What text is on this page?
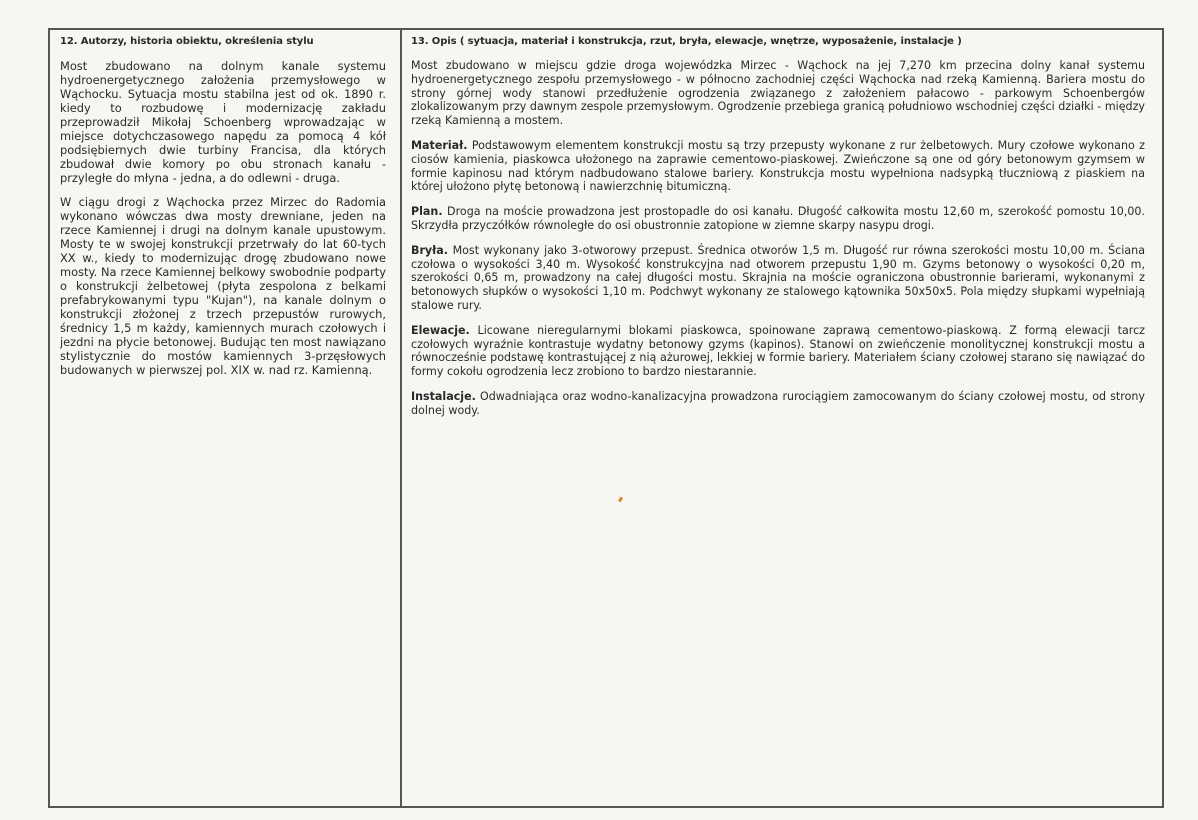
12. Autorzy, historia obiektu, określenia stylu

Most zbudowano na dolnym kanale systemu hydroenergetycznego założenia przemysłowego w Wąchocku. Sytuacja mostu stabilna jest od ok. 1890 r. kiedy to rozbudowę i modernizację zakładu przeprowadził Mikołaj Schoenberg wprowadzając w miejsce dotychczasowego napędu za pomocą 4 kół podsiębiernych dwie turbiny Francisa, dla których zbudował dwie komory po obu stronach kanału - przyległe do młyna - jedna, a do odlewni - druga.

W ciągu drogi z Wąchocka przez Mirzec do Radomia wykonano wówczas dwa mosty drewniane, jeden na rzece Kamiennej i drugi na dolnym kanale upustowym. Mosty te w swojej konstrukcji przetrwały do lat 60-tych XX w., kiedy to modernizując drogę zbudowano nowe mosty. Na rzece Kamiennej belkowy swobodnie podparty o konstrukcji żelbetowej (płyta zespolona z belkami prefabrykowanymi typu "Kujan"), na kanale dolnym o konstrukcji złożonej z trzech przepustów rurowych, średnicy 1,5 m każdy, kamiennych murach czołowych i jezdni na płycie betonowej. Budując ten most nawiązano stylistycznie do mostów kamiennych 3-przęsłowych budowanych w pierwszej pol. XIX w. nad rz. Kamienną.

13. Opis ( sytuacja, materiał i konstrukcja, rzut, bryła, elewacje, wnętrze, wyposażenie, instalacje )

Most zbudowano w miejscu gdzie droga wojewódzka Mirzec - Wąchock na jej 7,270 km przecina dolny kanał systemu hydroenergetycznego zespołu przemysłowego - w północno zachodniej części Wąchocka nad rzeką Kamienną. Bariera mostu do strony górnej wody stanowi przedłużenie ogrodzenia związanego z założeniem pałacowo - parkowym Schoenbergów zlokalizowanym przy dawnym zespole przemysłowym. Ogrodzenie przebiega granicą południowo wschodniej części działki - między rzeką Kamienną a mostem.

Materiał. Podstawowym elementem konstrukcji mostu są trzy przepusty wykonane z rur żelbetowych. Mury czołowe wykonano z ciosów kamienia, piaskowca ułożonego na zaprawie cementowo-piaskowej. Zwieńczone są one od góry betonowym gzymsem w formie kapinosu nad którym nadbudowano stalowe bariery. Konstrukcja mostu wypełniona nadsypką tłuczniową z piaskiem na której ułożono płytę betonową i nawierzchnię bitumiczną.

Plan. Droga na moście prowadzona jest prostopadle do osi kanału. Długość całkowita mostu 12,60 m, szerokość pomostu 10,00. Skrzydła przyczółków równoległe do osi obustronnie zatopione w ziemne skarpy nasypu drogi.

Bryła. Most wykonany jako 3-otworowy przepust. Średnica otworów 1,5 m. Długość rur równa szerokości mostu 10,00 m. Ściana czołowa o wysokości 3,40 m. Wysokość konstrukcyjna nad otworem przepustu 1,90 m. Gzyms betonowy o wysokości 0,20 m, szerokości 0,65 m, prowadzony na całej długości mostu. Skrajnia na moście ograniczona obustronnie barierami, wykonanymi z betonowych słupków o wysokości 1,10 m. Podchwyt wykonany ze stalowego kątownika 50x50x5. Pola między słupkami wypełniają stalowe rury.

Elewacje. Licowane nieregularnymi blokami piaskowca, spoinowane zaprawą cementowo-piaskową. Z formą elewacji tarcz czołowych wyraźnie kontrastuje wydatny betonowy gzyms (kapinos). Stanowi on zwieńczenie monolitycznej konstrukcji mostu a równocześnie podstawę kontrastującej z nią ażurowej, lekkiej w formie bariery. Materiałem ściany czołowej starano się nawiązać do formy cokołu ogrodzenia lecz zrobiono to bardzo niestarannie.

Instalacje. Odwadniająca oraz wodno-kanalizacyjna prowadzona rurociągiem zamocowanym do ściany czołowej mostu, od strony dolnej wody.
